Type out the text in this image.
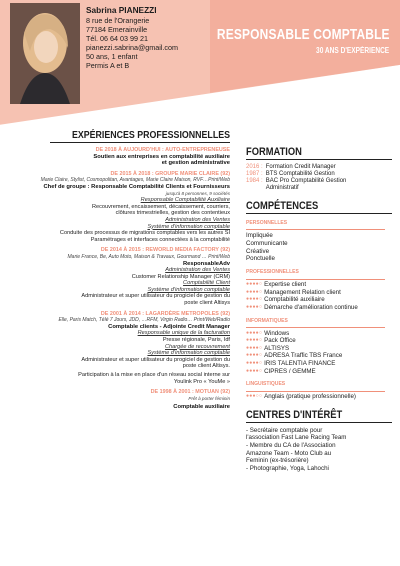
Sabrina PIANEZZI
8 rue de l'Orangerie
77184 Emerainville
Tél. 06 64 03 99 21
pianezzi.sabrina@gmail.com
50 ans, 1 enfant
Permis A et B
RESPONSABLE COMPTABLE
30 ANS D'EXPÉRIENCE
EXPÉRIENCES PROFESSIONNELLES
DE 2018 À AUJOURD'HUI : AUTO-ENTREPRENEUSE
Soutien aux entreprises en comptabilité auxiliaire
et gestion administrative
DE 2015 À 2018 : GROUPE MARIE CLAIRE (92)
Marie Claire, Stylist, Cosmopolitan, Avantages, Marie Claire Maison, RVF…Print/Web
Chef de groupe : Responsable Comptabilité Clients et Fournisseurs
jusqu'à 8 personnes, 9 sociétés
Responsable Comptabilité Auxiliaire
Recouvrement, encaissement, décaissement, courriers,
clôtures trimestrielles, gestion des contentieux
Administration des Ventes
Système d'information comptable
Conduite des processus de migrations comptables vers les autres SI
Paramétrages et interfaces connectées à la comptabilité
DE 2014 À 2015 : REWORLD MEDIA FACTORY (92)
Marie France, Be, Auto Moto, Maison & Travaux, Gourmand … Print/Web
ResponsableAdv
Administration des Ventes
Customer Relationship Manager (CRM)
Comptabilité Client
Système d'information comptable
Administrateur et super utilisateur du progiciel de gestion du
poste client Altisys
DE 2001 À 2014 : LAGARDÈRE METROPOLES (92)
Elle, Paris Match, Télé 7 Jours, JDD, …RFM, Virgin Radio… Print/Web/Radio
Comptable clients - Adjointe Credit Manager
Responsable unique de la facturation
Presse régionale, Paris, Idf
Chargée de recouvrement
Système d'information comptable
Administrateur et super utilisateur du progiciel de gestion du
poste client Altisys.
Participation à la mise en place d'un réseau social interne sur
Youlink Pro « YouMe »
DE 1998 À 2001 : MOTUAN (92)
Prêt à porter féminin
Comptable auxiliaire
FORMATION
2016 : Formation Credit Manager
1987 : BTS Comptabilité Gestion
1984 : BAC Pro Comptabilité Gestion
Administratif
COMPÉTENCES
PERSONNELLES
Impliquée
Communicante
Créative
Ponctuelle
PROFESSIONNELLES
●●●●○ Expertise client
●●●●○ Management Relation client
●●●●○ Comptabilité auxiliaire
●●●●○ Démarche d'amélioration continue
INFORMATIQUES
●●●●○ Windows
●●●●○ Pack Office
●●●●○ ALTISYS
●●●●○ ADRESA Traffic TBS France
●●●●○ IRIS TALENTIA FINANCE
●●●●○ CIPRES / GEMME
LINGUISTIQUES
●●●○○ Anglais (pratique professionnelle)
CENTRES D'INTÉRÊT
- Secrétaire comptable pour
l'association Fast Lane Racing Team
- Membre du CA de l'Association
Amazone Team - Moto Club au
Feminin (ex-trésorière)
- Photographie, Yoga, Lahochi
